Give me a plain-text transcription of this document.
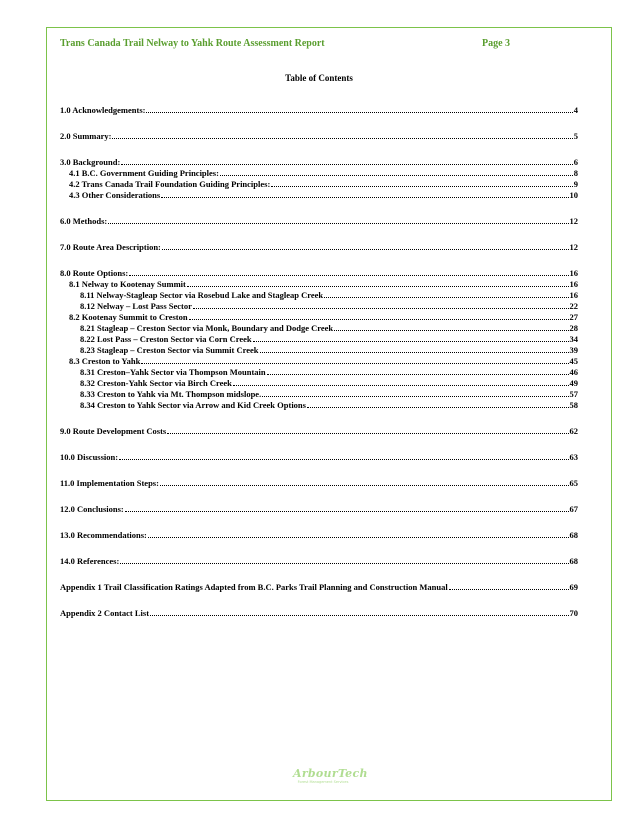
Trans Canada Trail Nelway to Yahk Route Assessment Report	Page 3
Table of Contents
1.0 Acknowledgements:	4
2.0 Summary:	5
3.0 Background:	6
4.1 B.C. Government Guiding Principles:	8
4.2 Trans Canada Trail Foundation Guiding Principles:	9
4.3 Other Considerations	10
6.0 Methods:	12
7.0 Route Area Description:	12
8.0 Route Options:	16
8.1 Nelway to Kootenay Summit	16
8.11 Nelway-Stagleap Sector via Rosebud Lake and Stagleap Creek	16
8.12 Nelway – Lost Pass Sector	22
8.2 Kootenay Summit to Creston	27
8.21 Stagleap – Creston Sector via Monk, Boundary and Dodge Creek	28
8.22 Lost Pass – Creston Sector via Corn Creek	34
8.23 Stagleap – Creston Sector via Summit Creek	39
8.3 Creston to Yahk	45
8.31 Creston–Yahk Sector via Thompson Mountain	46
8.32 Creston-Yahk Sector via Birch Creek	49
8.33 Creston to Yahk via Mt. Thompson midslope.	57
8.34 Creston to Yahk Sector via Arrow and Kid Creek Options	58
9.0 Route Development Costs	62
10.0 Discussion:	63
11.0 Implementation Steps:	65
12.0 Conclusions:	67
13.0 Recommendations:	68
14.0 References:	68
Appendix 1 Trail Classification Ratings Adapted from B.C. Parks Trail Planning and Construction Manual	69
Appendix 2 Contact List	70
ArbourTech
Forest Management Services
